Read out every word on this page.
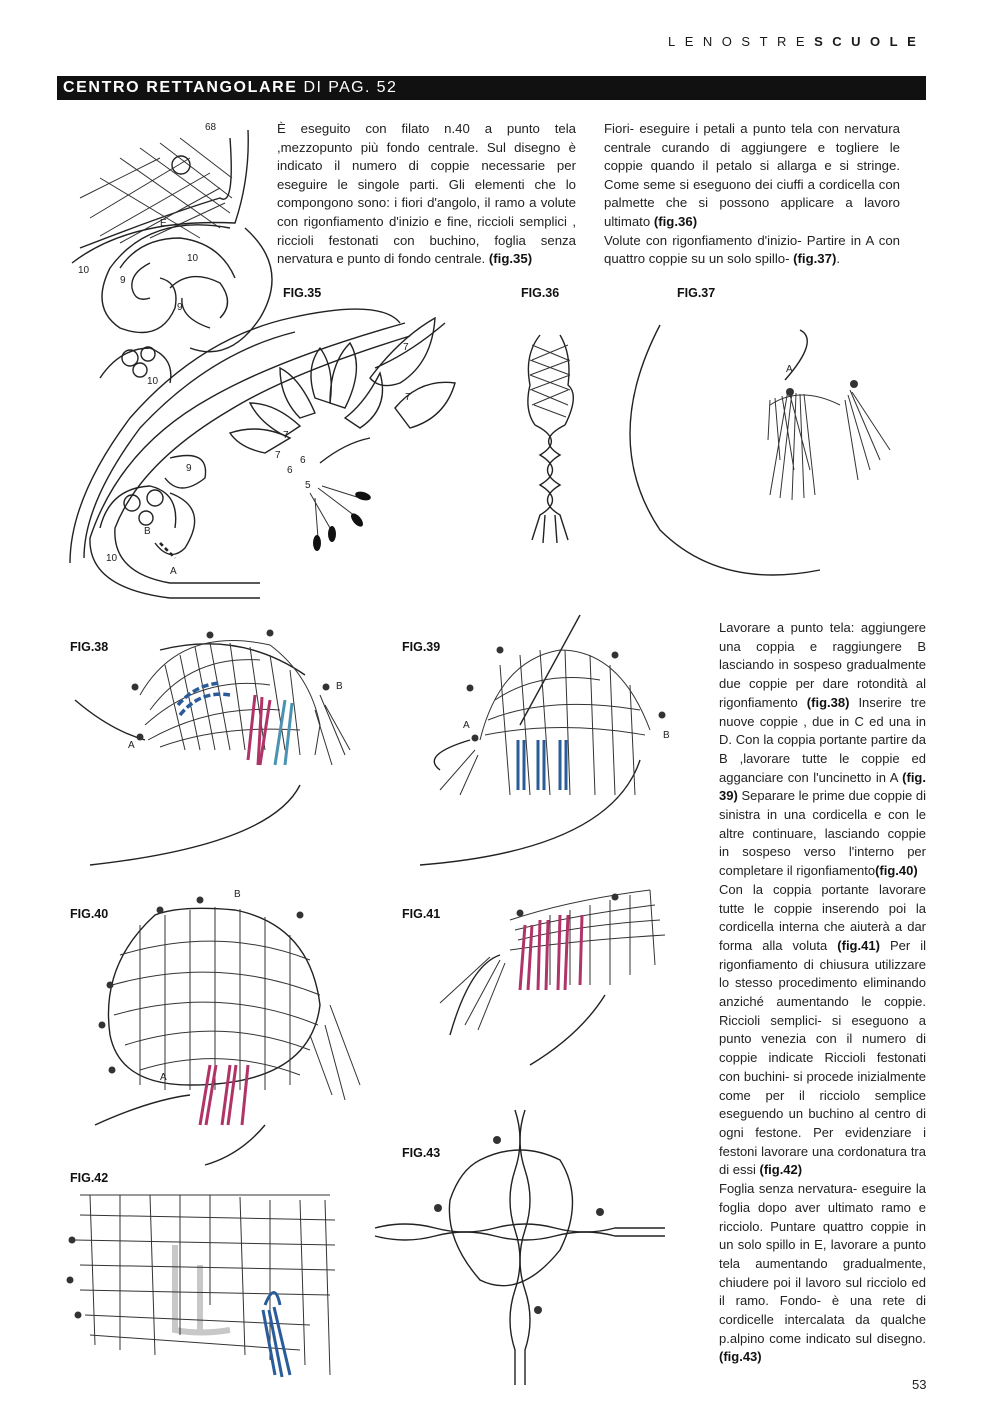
LENOSTRESCUOLE
CENTRO RETTANGOLARE DI PAG. 52
È eseguito con filato n.40 a punto tela ,mezzopunto più fondo centrale. Sul disegno è indicato il numero di coppie necessarie per eseguire le singole parti. Gli elementi che lo compongono sono: i fiori d'angolo, il ramo a volute con rigonfiamento d'inizio e fine, riccioli semplici , riccioli festonati con buchino, foglia senza nervatura e punto di fondo centrale. (fig.35)
Fiori- eseguire i petali a punto tela con nervatura centrale curando di aggiungere e togliere le coppie quando il petalo si allarga e si stringe. Come seme si eseguono dei ciuffi a cordicella con palmette che si possono applicare a lavoro ultimato (fig.36)
Volute con rigonfiamento d'inizio- Partire in A con quattro coppie su un solo spillo- (fig.37).
FIG.35	FIG.36	FIG.37
FIG.38	FIG.39
FIG.40	FIG.41
FIG.42
FIG.43
68
E
10
10
9
9
10
7
7
7
7 6
6
5
9
B
10
A
A
A
B
A
B
A
B
Lavorare a punto tela: aggiungere una coppia e raggiungere B lasciando in sospeso gradualmente due coppie per dare rotondità al rigonfiamento (fig.38) Inserire tre nuove coppie , due in C ed una in D. Con la coppia portante partire da B ,lavorare tutte le coppie ed agganciare con l'uncinetto in A (fig. 39) Separare le prime due coppie di sinistra in una cordicella e con le altre continuare, lasciando coppie in sospeso verso l'interno per completare il rigonfiamento(fig.40)
Con la coppia portante lavorare tutte le coppie inserendo poi la cordicella interna che aiuterà a dar forma alla voluta (fig.41) Per il rigonfiamento di chiusura utilizzare lo stesso procedimento eliminando anziché aumentando le coppie. Riccioli semplici- si eseguono a punto venezia con il numero di coppie indicate Riccioli festonati con buchini- si procede inizialmente come per il ricciolo semplice eseguendo un buchino al centro di ogni festone. Per evidenziare i festoni lavorare una cordonatura tra di essi (fig.42)
Foglia senza nervatura- eseguire la foglia dopo aver ultimato ramo e ricciolo. Puntare quattro coppie in un solo spillo in E, lavorare a punto tela aumentando gradualmente, chiudere poi il lavoro sul ricciolo ed il ramo. Fondo- è una rete di cordicelle intercalata da qualche p.alpino come indicato sul disegno. (fig.43)
53
